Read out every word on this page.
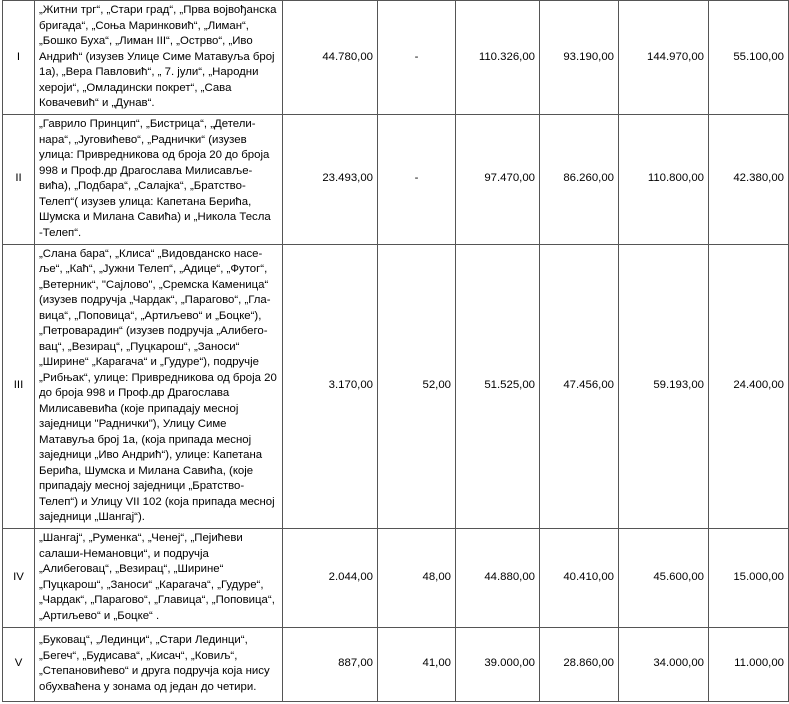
I	„Житни трг“, „Стари град“, „Прва војвођанска бригада“, „Соња Маринковић“, „Лиман“, „Бошко Буха“, „Лиман III“, „Острво“, „Иво Андрић“ (изузев Улице Симе Матавуља број 1а), „Вера Павловић“, „ 7. јули“, „Народни хероји“, „Омладински покрет“, „Сава Ковачевић“ и „Дунав“.	44.780,00	-	110.326,00	93.190,00	144.970,00	55.100,00
II	„Гаврило Принцип“, „Бистрица“, „Детели-нара“, „Југовићево“, „Раднички“ (изузев улица: Привредникова од броја 20 до броја 998 и Проф.др Драгослава Милисавље-вића), „Подбара“, „Салајка“, „Братство-Телеп“( изузев улица: Капетана Берића, Шумска и Милана Савића) и „Никола Тесла -Телеп“.	23.493,00	-	97.470,00	86.260,00	110.800,00	42.380,00
III	„Слана бара“, „Клиса“ „Видовданско насе-ље“, „Каћ“, „Јужни Телеп“, „Адице“, „Футог“, „Ветерник“, "Сајлово", „Сремска Каменица“ (изузев подручја „Чардак“, „Парагово“, „Гла-вица“, „Поповица“, „Артиљево“ и „Боцке“), „Петроварадин“ (изузев подручја „Алибего-вац“, „Везирац“, „Пуцкарош“, „Заноси“ „Ширинe“ „Карагача“ и „Гудуре“), подручје „Рибњак“, улице: Привредникова од броја 20 до броја 998 и Проф.др Драгослава Милисавевића (које припадају месној заједници "Раднички"), Улицу Симе Матавуља број 1а, (која припада месној заједници „Иво Андрић“), улице: Капетана Берића, Шумска и Милана Савића, (које припадају месној заједници „Братство-Телеп“) и Улицу VII 102 (која припада месној заједници „Шангај“).	3.170,00	52,00	51.525,00	47.456,00	59.193,00	24.400,00
IV	„Шангај“, „Руменка“, „Ченеј“, „Пејићеви салаши-Немановци“, и подручја „Алибеговац“, „Везирац“, „Ширинe“ „Пуцкарош“, „Заноси“ „Карагача“, „Гудуре“, „Чардак“, „Парагово“, „Главица“, „Поповица“, „Артиљево“ и „Боцке“ .	2.044,00	48,00	44.880,00	40.410,00	45.600,00	15.000,00
V	„Буковац“, „Лединци“, „Стари Лединци“, „Бегеч“, „Будисава“, „Кисач“, „Ковиљ“, „Степановићево“ и друга подручја која нису обухваћена у зонама од један до четири.	887,00	41,00	39.000,00	28.860,00	34.000,00	11.000,00
